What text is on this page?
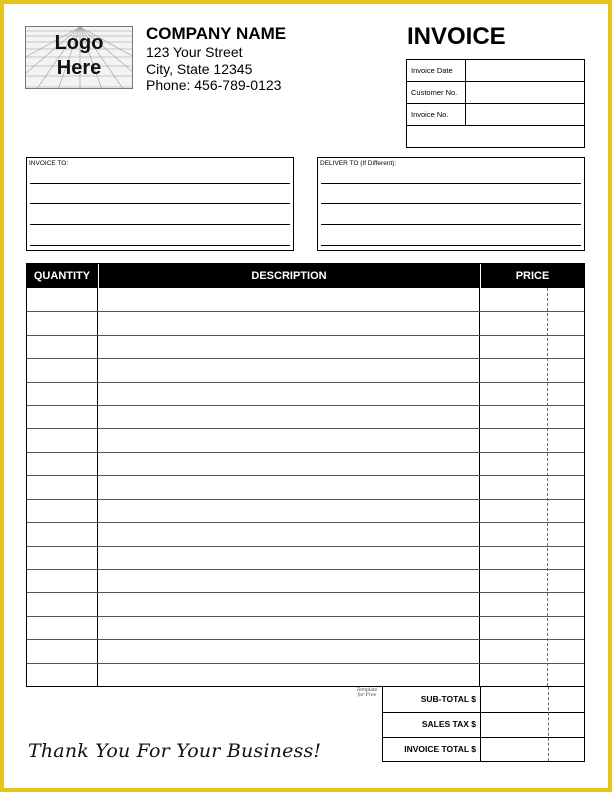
Logo
Here
COMPANY NAME
123 Your Street
City, State 12345
Phone: 456-789-0123
INVOICE
Invoice Date
Customer No.
Invoice No.
INVOICE TO:	DELIVER TO (If Different):
QUANTITY	DESCRIPTION	PRICE
Template
for Free	SUB-TOTAL $
SALES TAX $
INVOICE TOTAL $
Thank You For Your Business!
